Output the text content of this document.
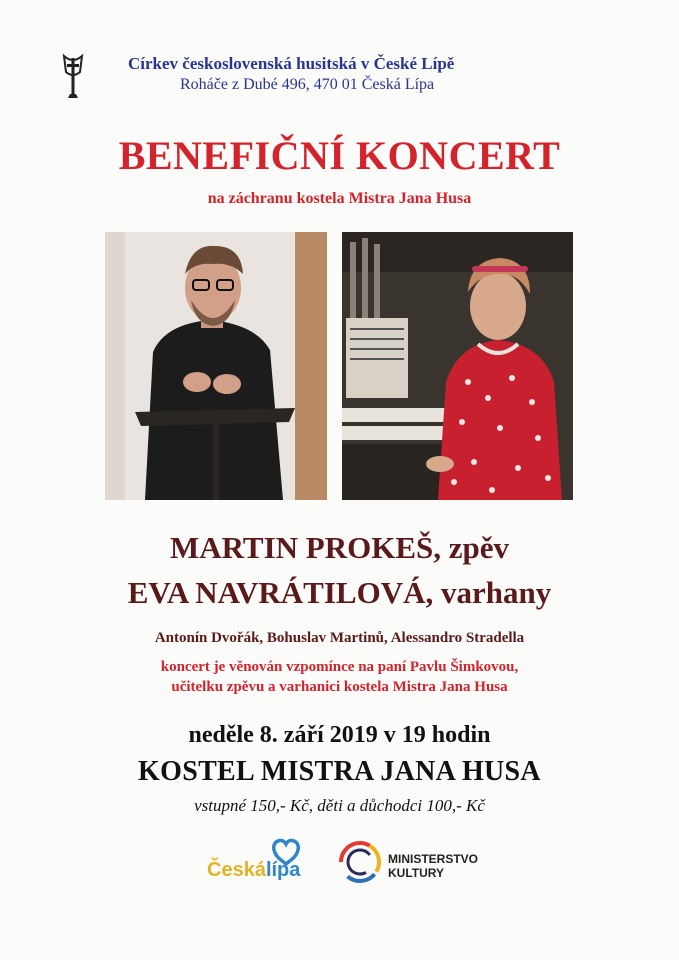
Církev československá husitská v České Lípě
Roháče z Dubé 496, 470 01 Česká Lípa
BENEFIČNÍ KONCERT
na záchranu kostela Mistra Jana Husa
MARTIN PROKEŠ, zpěv
EVA NAVRÁTILOVÁ, varhany
Antonín Dvořák, Bohuslav Martinů, Alessandro Stradella
koncert je věnován vzpomínce na paní Pavlu Šimkovou,
učitelku zpěvu a varhanici kostela Mistra Jana Husa
neděle 8. září 2019 v 19 hodin
KOSTEL MISTRA JANA HUSA
vstupné 150,- Kč, děti a důchodci 100,- Kč
Českálípa	MINISTERSTVO
KULTURY
